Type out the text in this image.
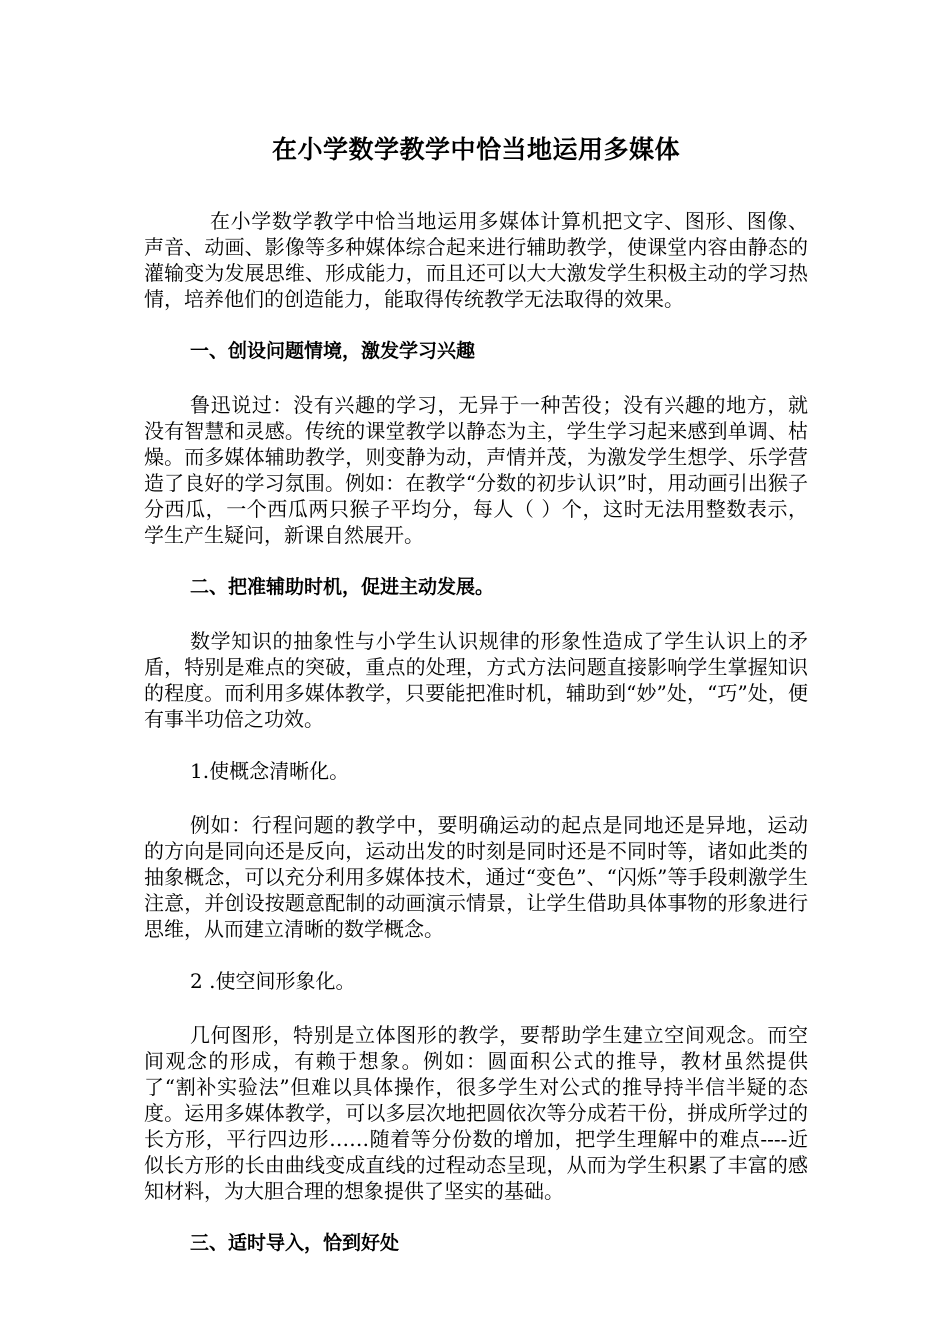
在小学数学教学中恰当地运用多媒体

在小学数学教学中恰当地运用多媒体计算机把文字、图形、图像、声音、动画、影像等多种媒体综合起来进行辅助教学，使课堂内容由静态的灌输变为发展思维、形成能力，而且还可以大大激发学生积极主动的学习热情，培养他们的创造能力，能取得传统教学无法取得的效果。

一、创设问题情境，激发学习兴趣

鲁迅说过：没有兴趣的学习，无异于一种苦役；没有兴趣的地方，就没有智慧和灵感。传统的课堂教学以静态为主，学生学习起来感到单调、枯燥。而多媒体辅助教学，则变静为动，声情并茂，为激发学生想学、乐学营造了良好的学习氛围。例如：在教学“分数的初步认识”时，用动画引出猴子分西瓜，一个西瓜两只猴子平均分，每人（ ）个，这时无法用整数表示，学生产生疑问，新课自然展开。

二、把准辅助时机，促进主动发展。

数学知识的抽象性与小学生认识规律的形象性造成了学生认识上的矛盾，特别是难点的突破，重点的处理，方式方法问题直接影响学生掌握知识的程度。而利用多媒体教学，只要能把准时机，辅助到“妙”处，“巧”处，便有事半功倍之功效。

1.使概念清晰化。

例如：行程问题的教学中，要明确运动的起点是同地还是异地，运动的方向是同向还是反向，运动出发的时刻是同时还是不同时等，诸如此类的抽象概念，可以充分利用多媒体技术，通过“变色”、“闪烁”等手段刺激学生注意，并创设按题意配制的动画演示情景，让学生借助具体事物的形象进行思维，从而建立清晰的数学概念。

2 .使空间形象化。

几何图形，特别是立体图形的教学，要帮助学生建立空间观念。而空间观念的形成，有赖于想象。例如：圆面积公式的推导，教材虽然提供了“割补实验法”但难以具体操作，很多学生对公式的推导持半信半疑的态度。运用多媒体教学，可以多层次地把圆依次等分成若干份，拼成所学过的长方形，平行四边形……随着等分份数的增加，把学生理解中的难点----近似长方形的长由曲线变成直线的过程动态呈现，从而为学生积累了丰富的感知材料，为大胆合理的想象提供了坚实的基础。

三、适时导入，恰到好处
